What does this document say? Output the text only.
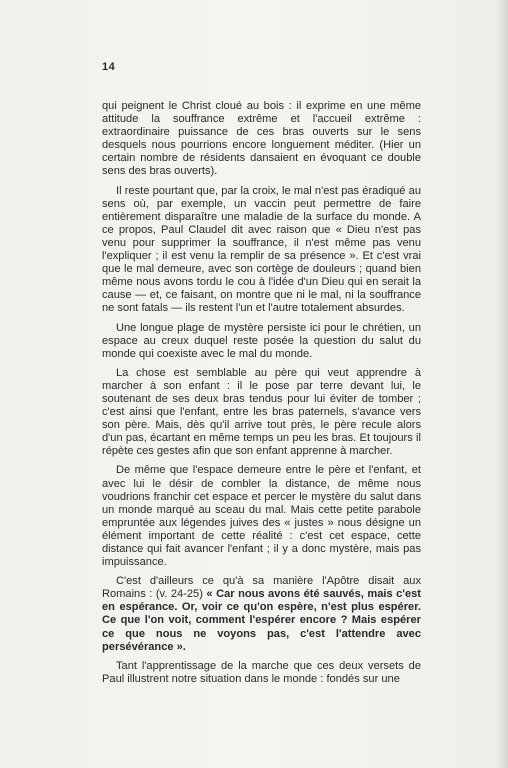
14

qui peignent le Christ cloué au bois : il exprime en une même attitude la souffrance extrême et l'accueil extrême : extraordinaire puissance de ces bras ouverts sur le sens desquels nous pourrions encore longuement méditer. (Hier un certain nombre de résidents dansaient en évoquant ce double sens des bras ouverts).

Il reste pourtant que, par la croix, le mal n'est pas éradiqué au sens où, par exemple, un vaccin peut permettre de faire entièrement disparaître une maladie de la surface du monde. A ce propos, Paul Claudel dit avec raison que « Dieu n'est pas venu pour supprimer la souffrance, il n'est même pas venu l'expliquer ; il est venu la remplir de sa présence ». Et c'est vrai que le mal demeure, avec son cortège de douleurs ; quand bien même nous avons tordu le cou à l'idée d'un Dieu qui en serait la cause — et, ce faisant, on montre que ni le mal, ni la souffrance ne sont fatals — ils restent l'un et l'autre totalement absurdes.

Une longue plage de mystère persiste ici pour le chrétien, un espace au creux duquel reste posée la question du salut du monde qui coexiste avec le mal du monde.

La chose est semblable au père qui veut apprendre à marcher à son enfant : il le pose par terre devant lui, le soutenant de ses deux bras tendus pour lui éviter de tomber ; c'est ainsi que l'enfant, entre les bras paternels, s'avance vers son père. Mais, dès qu'il arrive tout près, le père recule alors d'un pas, écartant en même temps un peu les bras. Et toujours il répète ces gestes afin que son enfant apprenne à marcher.

De même que l'espace demeure entre le père et l'enfant, et avec lui le désir de combler la distance, de même nous voudrions franchir cet espace et percer le mystère du salut dans un monde marqué au sceau du mal. Mais cette petite parabole empruntée aux légendes juives des « justes » nous désigne un élément important de cette réalité : c'est cet espace, cette distance qui fait avancer l'enfant ; il y a donc mystère, mais pas impuissance.

C'est d'ailleurs ce qu'à sa manière l'Apôtre disait aux Romains : (v. 24-25) « Car nous avons été sauvés, mais c'est en espérance. Or, voir ce qu'on espère, n'est plus espérer. Ce que l'on voit, comment l'espérer encore ? Mais espérer ce que nous ne voyons pas, c'est l'attendre avec persévérance ».

Tant l'apprentissage de la marche que ces deux versets de Paul illustrent notre situation dans le monde : fondés sur une
